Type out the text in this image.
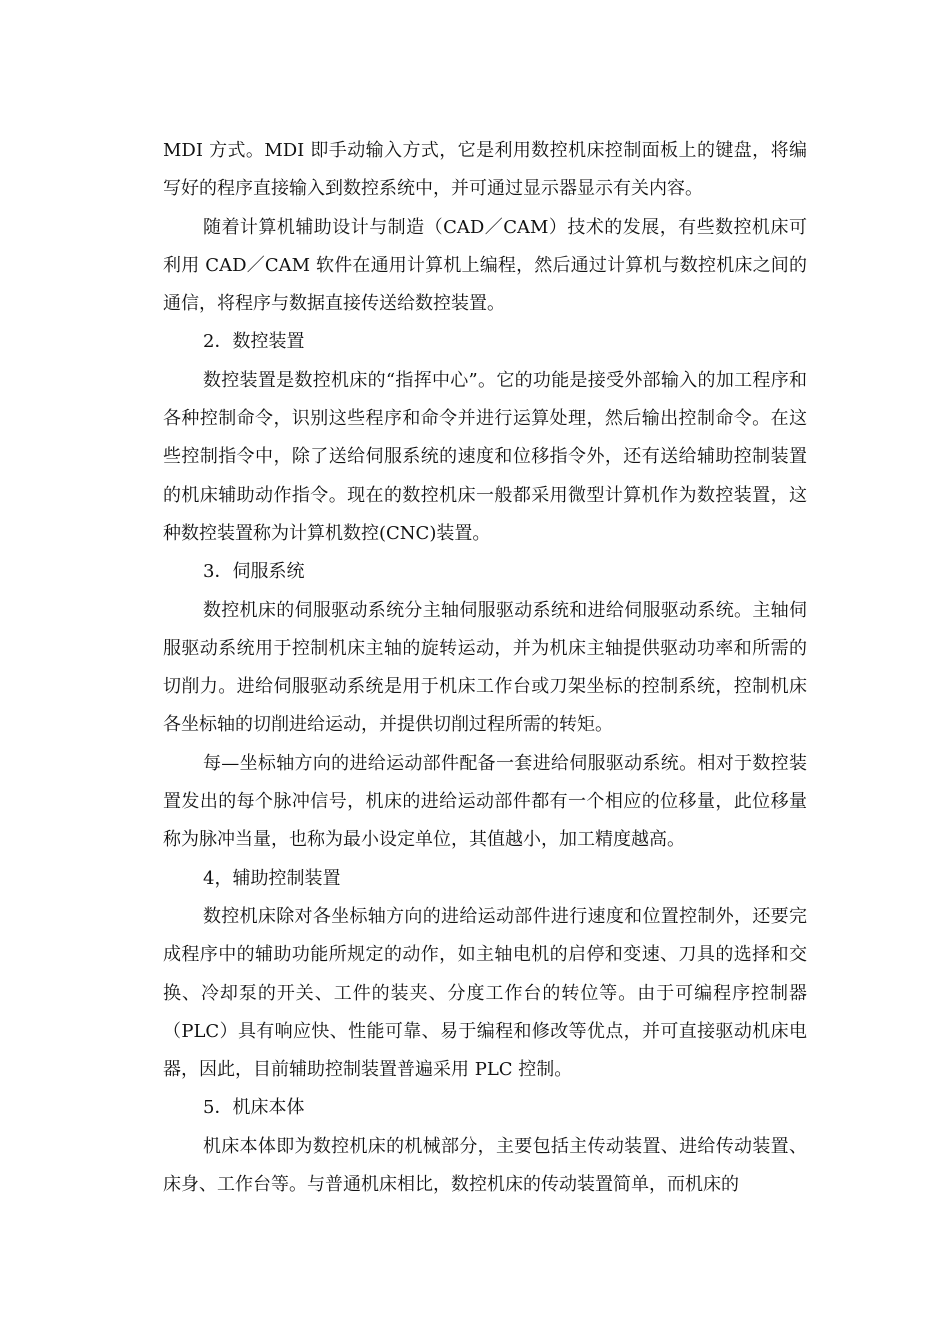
MDI 方式。MDI 即手动输入方式，它是利用数控机床控制面板上的键盘，将编写好的程序直接输入到数控系统中，并可通过显示器显示有关内容。

随着计算机辅助设计与制造（CAD／CAM）技术的发展，有些数控机床可利用 CAD／CAM 软件在通用计算机上编程，然后通过计算机与数控机床之间的通信，将程序与数据直接传送给数控装置。

2．数控装置

数控装置是数控机床的“指挥中心”。它的功能是接受外部输入的加工程序和各种控制命令，识别这些程序和命令并进行运算处理，然后输出控制命令。在这些控制指令中，除了送给伺服系统的速度和位移指令外，还有送给辅助控制装置的机床辅助动作指令。现在的数控机床一般都采用微型计算机作为数控装置，这种数控装置称为计算机数控(CNC)装置。

3．伺服系统

数控机床的伺服驱动系统分主轴伺服驱动系统和进给伺服驱动系统。主轴伺服驱动系统用于控制机床主轴的旋转运动，并为机床主轴提供驱动功率和所需的切削力。进给伺服驱动系统是用于机床工作台或刀架坐标的控制系统，控制机床各坐标轴的切削进给运动，并提供切削过程所需的转矩。

每—坐标轴方向的进给运动部件配备一套进给伺服驱动系统。相对于数控装置发出的每个脉冲信号，机床的进给运动部件都有一个相应的位移量，此位移量称为脉冲当量，也称为最小设定单位，其值越小，加工精度越高。

4，辅助控制装置

数控机床除对各坐标轴方向的进给运动部件进行速度和位置控制外，还要完成程序中的辅助功能所规定的动作，如主轴电机的启停和变速、刀具的选择和交换、冷却泵的开关、工件的装夹、分度工作台的转位等。由于可编程序控制器（PLC）具有响应快、性能可靠、易于编程和修改等优点，并可直接驱动机床电器，因此，目前辅助控制装置普遍采用 PLC 控制。

5．机床本体

机床本体即为数控机床的机械部分，主要包括主传动装置、进给传动装置、床身、工作台等。与普通机床相比，数控机床的传动装置简单，而机床的
